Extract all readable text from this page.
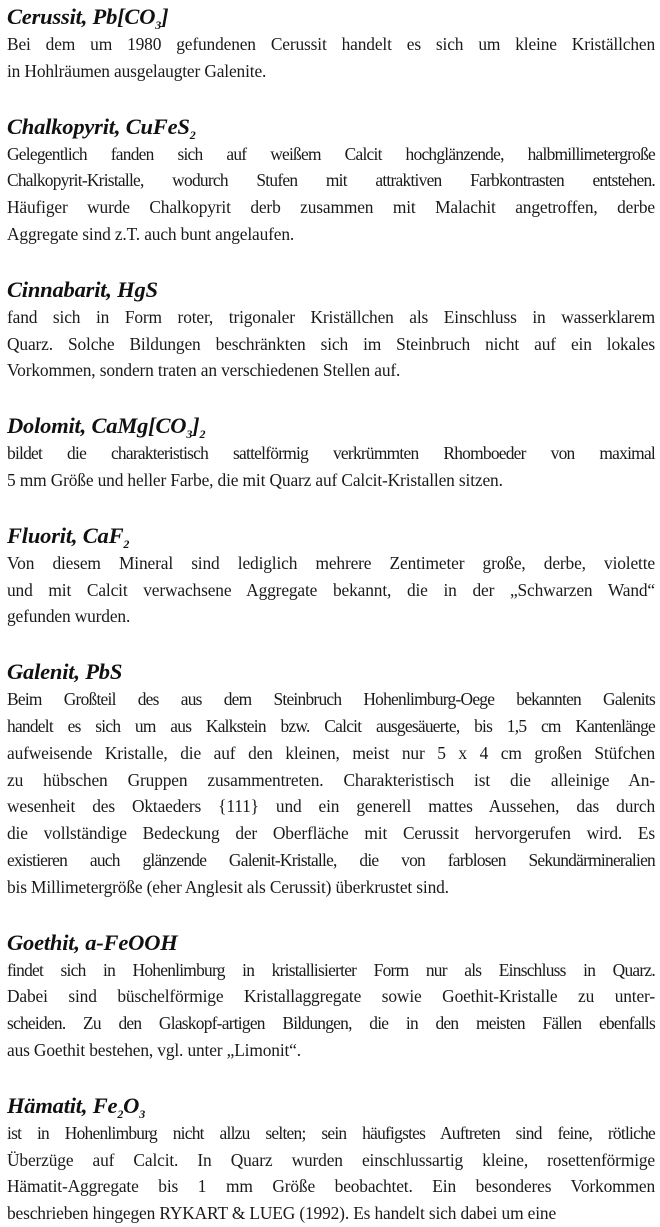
Cerussit, $Pb[CO_3]$
Bei dem um 1980 gefundenen Cerussit handelt es sich um kleine Kriställchen
in Hohlräumen ausgelaugter Galenite.
Chalkopyrit, CuFeS$_2$
Gelegentlich fanden sich auf weißem Calcit hochglänzende, halbmillimetergroße
Chalkopyrit-Kristalle, wodurch Stufen mit attraktiven Farbkontrasten entstehen.
Häufiger wurde Chalkopyrit derb zusammen mit Malachit angetroffen, derbe
Aggregate sind z.T. auch bunt angelaufen.
Cinnabarit, HgS
fand sich in Form roter, trigonaler Kriställchen als Einschluss in wasserklarem
Quarz. Solche Bildungen beschränkten sich im Steinbruch nicht auf ein lokales
Vorkommen, sondern traten an verschiedenen Stellen auf.
Dolomit, $CaMg[CO_3]_2$
bildet die charakteristisch sattelförmig verkrümmten Rhomboeder von maximal
5 mm Größe und heller Farbe, die mit Quarz auf Calcit-Kristallen sitzen.
Fluorit, CaF$_2$
Von diesem Mineral sind lediglich mehrere Zentimeter große, derbe, violette
und mit Calcit verwachsene Aggregate bekannt, die in der „Schwarzen Wand“
gefunden wurden.
Galenit, PbS
Beim Großteil des aus dem Steinbruch Hohenlimburg-Oege bekannten Galenits
handelt es sich um aus Kalkstein bzw. Calcit ausgesäuerte, bis 1,5 cm Kantenlänge
aufweisende Kristalle, die auf den kleinen, meist nur 5 x 4 cm großen Stüfchen
zu hübschen Gruppen zusammentreten. Charakteristisch ist die alleinige An-
wesenheit des Oktaeders {111} und ein generell mattes Aussehen, das durch
die vollständige Bedeckung der Oberfläche mit Cerussit hervorgerufen wird. Es
existieren auch glänzende Galenit-Kristalle, die von farblosen Sekundärmineralien
bis Millimetergröße (eher Anglesit als Cerussit) überkrustet sind.
Goethit, a-FeOOH
findet sich in Hohenlimburg in kristallisierter Form nur als Einschluss in Quarz.
Dabei sind büschelförmige Kristallaggregate sowie Goethit-Kristalle zu unter-
scheiden. Zu den Glaskopf-artigen Bildungen, die in den meisten Fällen ebenfalls
aus Goethit bestehen, vgl. unter „Limonit“.
Hämatit, $Fe_2O_3$
ist in Hohenlimburg nicht allzu selten; sein häufigstes Auftreten sind feine, rötliche
Überzüge auf Calcit. In Quarz wurden einschlussartig kleine, rosettenförmige
Hämatit-Aggregate bis 1 mm Größe beobachtet. Ein besonderes Vorkommen
beschrieben hingegen RYKART & LUEG (1992). Es handelt sich dabei um eine
